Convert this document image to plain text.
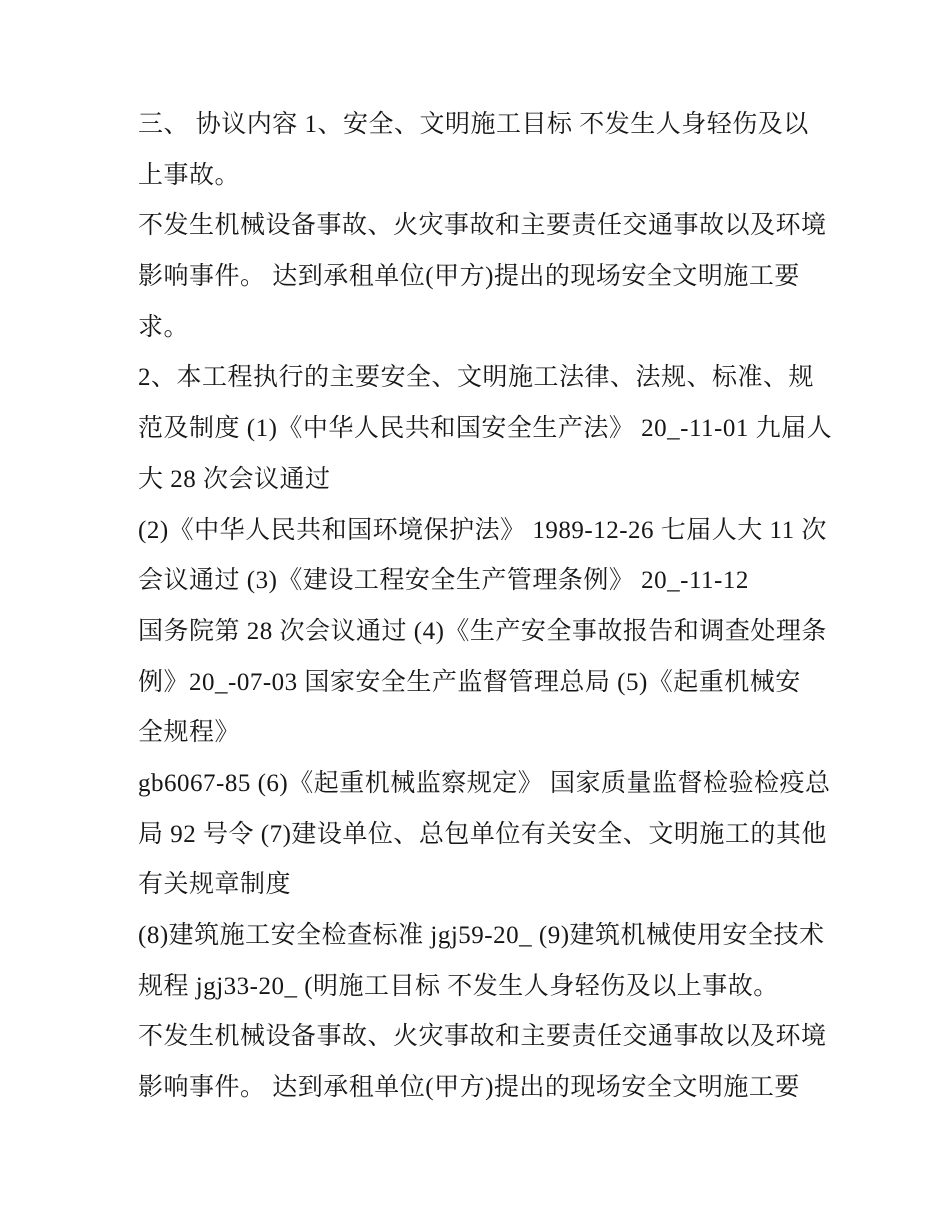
三、 协议内容 1、安全、文明施工目标 不发生人身轻伤及以

上事故。

不发生机械设备事故、火灾事故和主要责任交通事故以及环境

影响事件。 达到承租单位(甲方)提出的现场安全文明施工要

求。

2、本工程执行的主要安全、文明施工法律、法规、标准、规

范及制度 (1)《中华人民共和国安全生产法》 20_-11-01 九届人

大 28 次会议通过

(2)《中华人民共和国环境保护法》 1989-12-26 七届人大 11 次

会议通过 (3)《建设工程安全生产管理条例》 20_-11-12

国务院第 28 次会议通过 (4)《生产安全事故报告和调查处理条

例》20_-07-03 国家安全生产监督管理总局 (5)《起重机械安

全规程》

gb6067-85 (6)《起重机械监察规定》 国家质量监督检验检疫总

局 92 号令 (7)建设单位、总包单位有关安全、文明施工的其他

有关规章制度

(8)建筑施工安全检查标准 jgj59-20_ (9)建筑机械使用安全技术

规程 jgj33-20_ (明施工目标 不发生人身轻伤及以上事故。

不发生机械设备事故、火灾事故和主要责任交通事故以及环境

影响事件。 达到承租单位(甲方)提出的现场安全文明施工要
